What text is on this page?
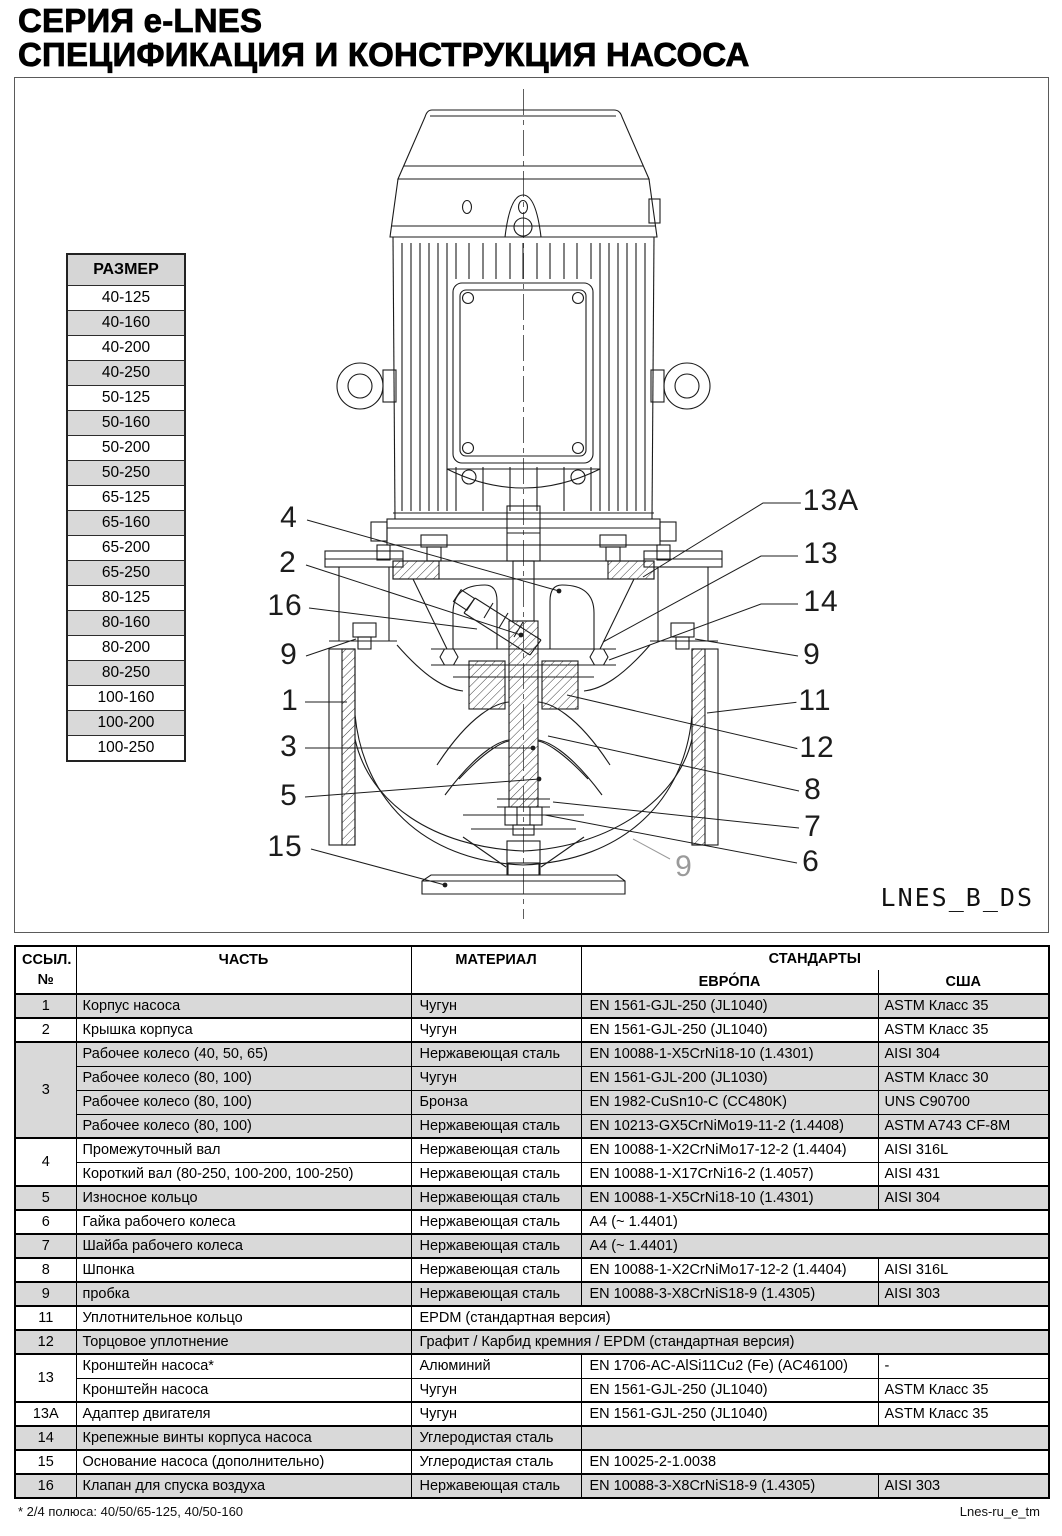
СЕРИЯ e-LNES
СПЕЦИФИКАЦИЯ И КОНСТРУКЦИЯ НАСОСА
РАЗМЕР
40-125
40-160
40-200
40-250
50-125
50-160
50-200
50-250
65-125
65-160
65-200
65-250
80-125
80-160
80-200
80-250
100-160
100-200
100-250
4
2
16
9
1
3
5
15
13A
13
14
9
11
12
8
7
6
9
LNES_B_DS
ССЫЛ.
№	ЧАСТЬ	МАТЕРИАЛ	СТАНДАРТЫ	
			ЕВРО́ПА	США
1	Корпус насоса	Чугун	EN 1561-GJL-250 (JL1040)	ASTM Класс 35
2	Крышка корпуса	Чугун	EN 1561-GJL-250 (JL1040)	ASTM Класс 35
3	Рабочее колесо (40, 50, 65)	Нержавеющая сталь	EN 10088-1-X5CrNi18-10 (1.4301)	AISI 304
	Рабочее колесо (80, 100)	Чугун	EN 1561-GJL-200 (JL1030)	ASTM Класс 30
	Рабочее колесо (80, 100)	Бронза	EN 1982-CuSn10-C (CC480K)	UNS C90700
	Рабочее колесо (80, 100)	Нержавеющая сталь	EN 10213-GX5CrNiMo19-11-2 (1.4408)	ASTM A743 CF-8M
4	Промежуточный вал	Нержавеющая сталь	EN 10088-1-X2CrNiMo17-12-2 (1.4404)	AISI 316L
	Короткий вал (80-250, 100-200, 100-250)	Нержавеющая сталь	EN 10088-1-X17CrNi16-2 (1.4057)	AISI 431
5	Износное кольцо	Нержавеющая сталь	EN 10088-1-X5CrNi18-10 (1.4301)	AISI 304
6	Гайка рабочего колеса	Нержавеющая сталь	A4 (~ 1.4401)	
7	Шайба рабочего колеса	Нержавеющая сталь	A4 (~ 1.4401)	
8	Шпонка	Нержавеющая сталь	EN 10088-1-X2CrNiMo17-12-2 (1.4404)	AISI 316L
9	пробка	Нержавеющая сталь	EN 10088-3-X8CrNiS18-9 (1.4305)	AISI 303
11	Уплотнительное кольцо	EPDM (стандартная версия)		
12	Торцовое уплотнение	Графит / Карбид кремния / EPDM (стандартная версия)		
13	Кронштейн насоса*	Алюминий	EN 1706-AC-AlSi11Cu2 (Fe) (AC46100)	-
	Кронштейн насоса	Чугун	EN 1561-GJL-250 (JL1040)	ASTM Класс 35
13A	Адаптер двигателя	Чугун	EN 1561-GJL-250 (JL1040)	ASTM Класс 35
14	Крепежные винты корпуса насоса	Углеродистая сталь		
15	Основание насоса (дополнительно)	Углеродистая сталь	EN 10025-2-1.0038	
16	Клапан для спуска воздуха	Нержавеющая сталь	EN 10088-3-X8CrNiS18-9 (1.4305)	AISI 303
* 2/4 полюса: 40/50/65-125, 40/50-160	Lnes-ru_e_tm
